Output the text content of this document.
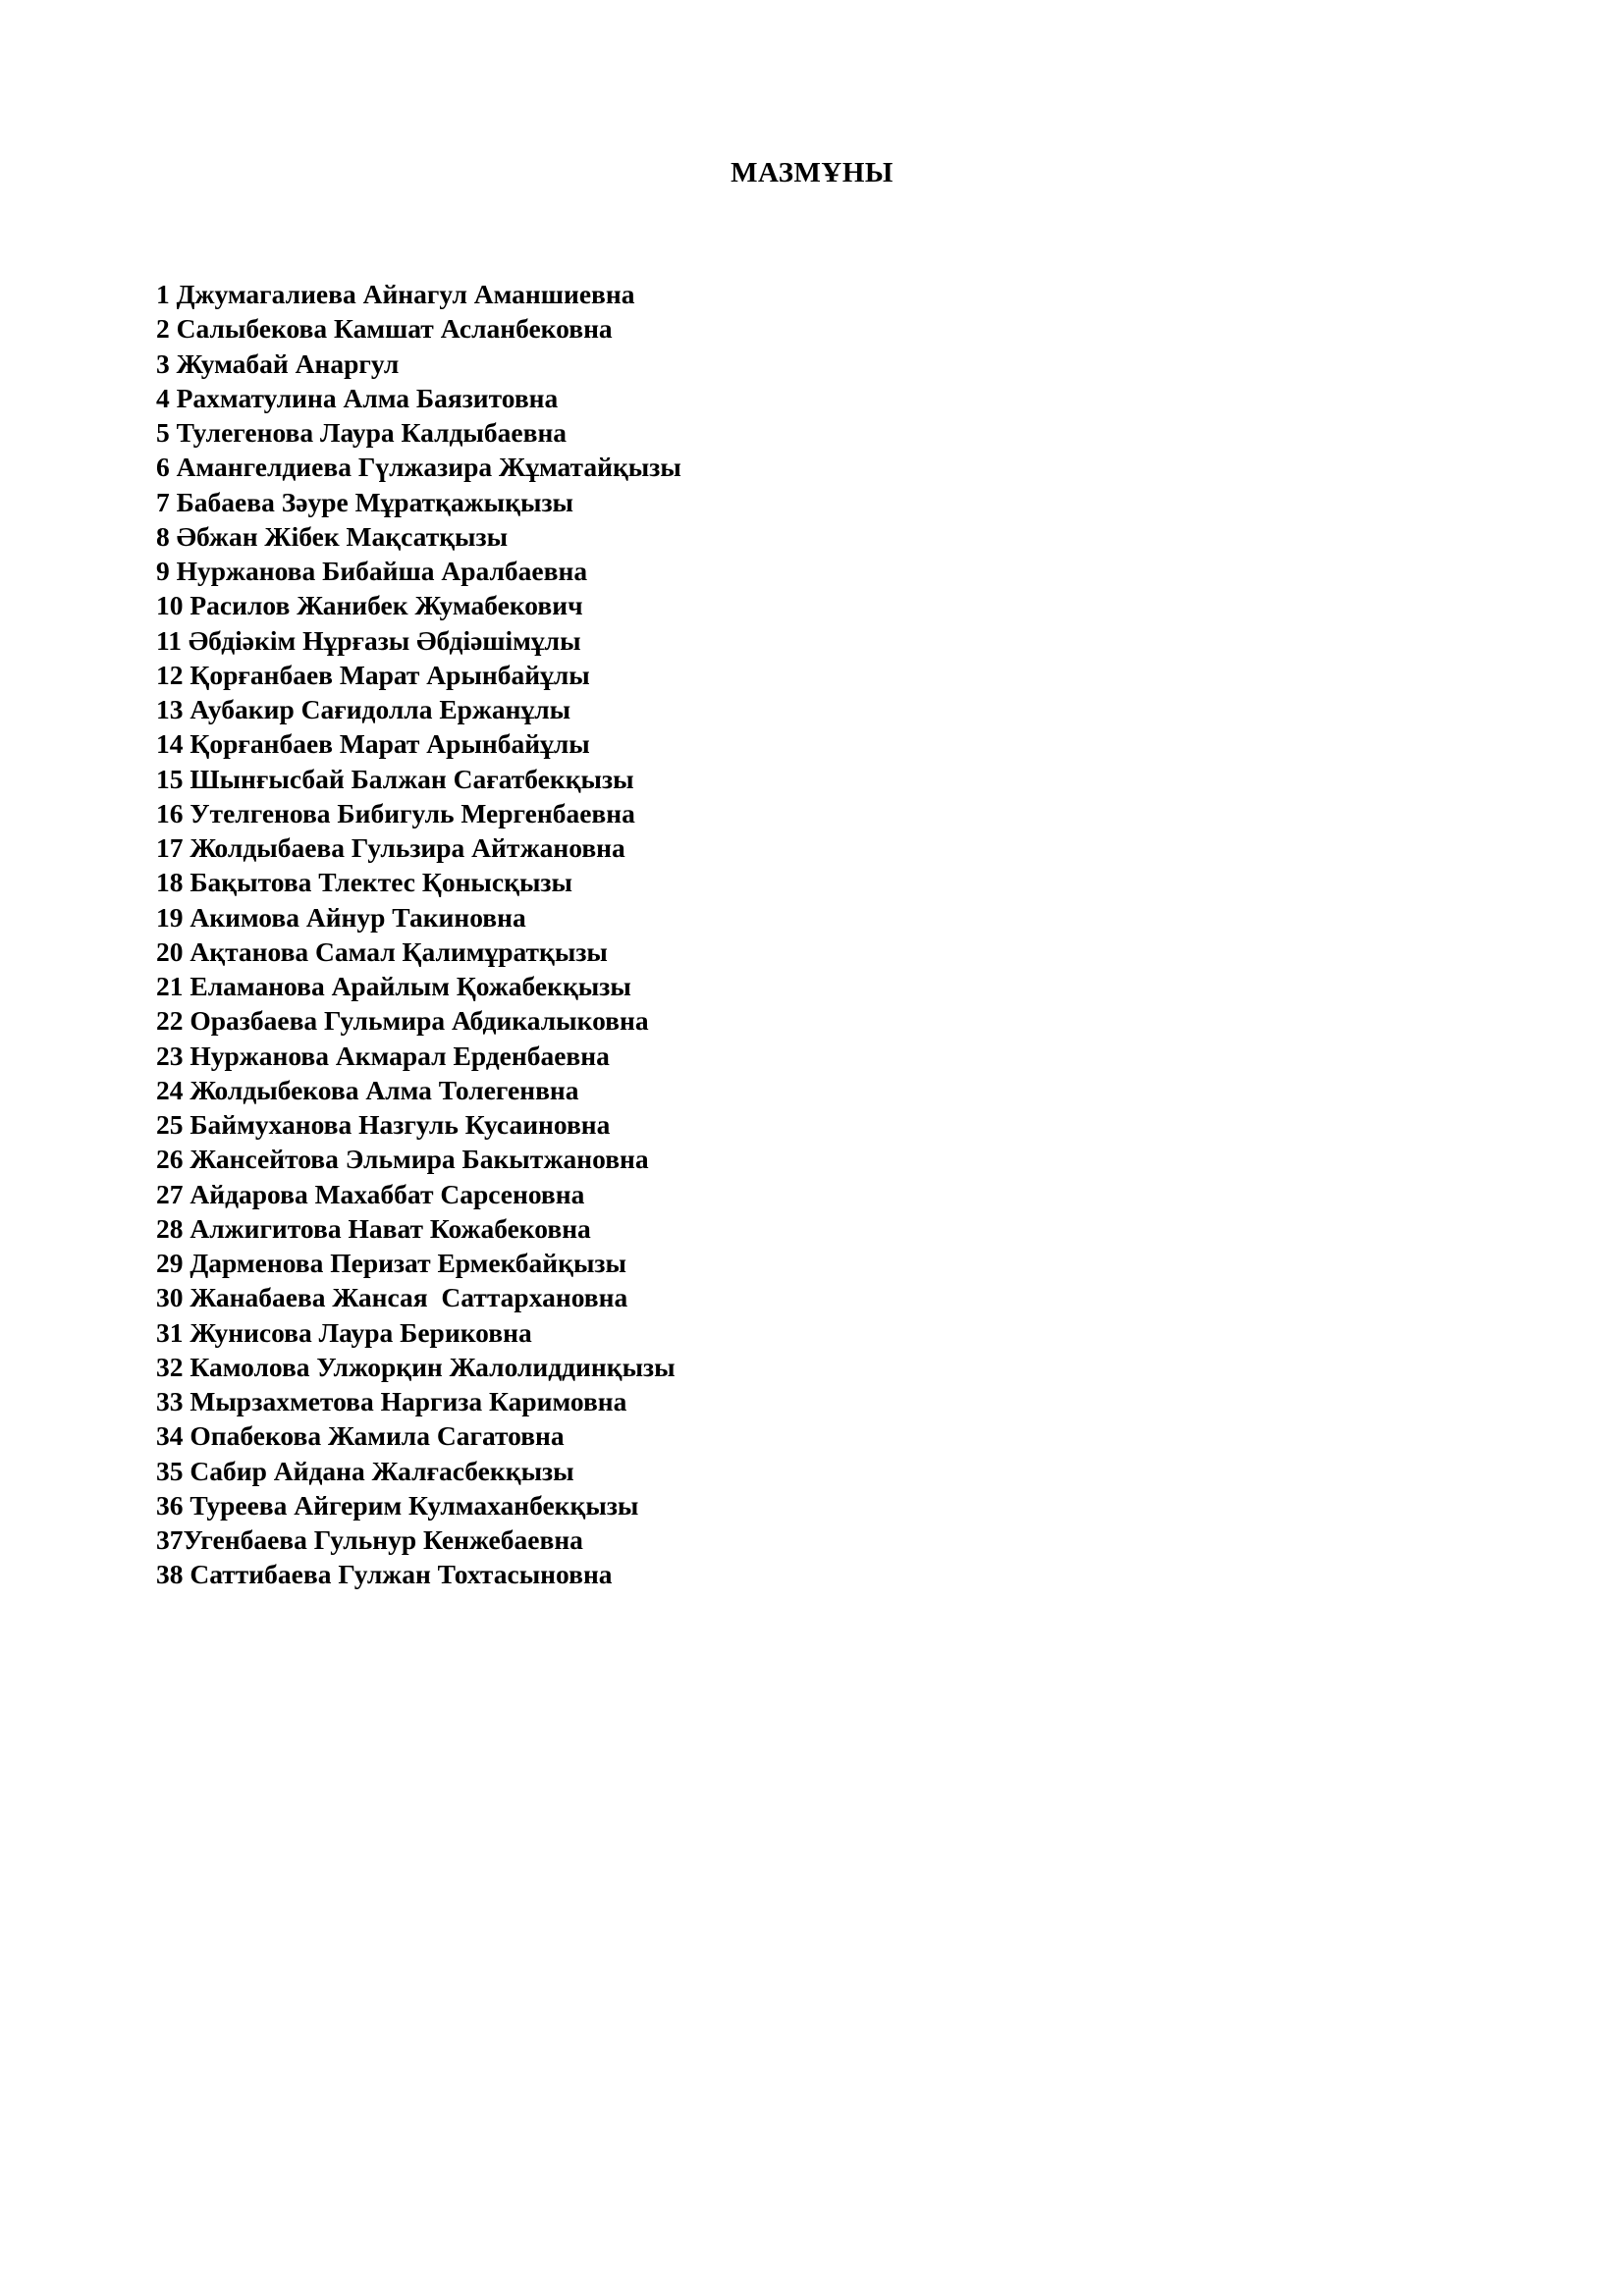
МАЗМҰНЫ
1 Джумагалиева Айнагул Аманшиевна
2 Салыбекова Камшат Асланбековна
3 Жумабай Анаргул
4 Рахматулина Алма Баязитовна
5 Тулегенова Лаура Калдыбаевна
6 Амангелдиева Гүлжазира Жұматайқызы
7 Бабаева Зәуре Мұратқажықызы
8 Әбжан Жібек Мақсатқызы
9 Нуржанова Бибайша Аралбаевна
10 Расилов Жанибек Жумабекович
11 Әбдіәкім Нұрғазы Әбдіәшімұлы
12 Қорғанбаев Марат Арынбайұлы
13 Аубакир Сағидолла Ержанұлы
14 Қорғанбаев Марат Арынбайұлы
15 Шынғысбай Балжан Сағатбекқызы
16 Утелгенова Бибигуль Мергенбаевна
17 Жолдыбаева Гульзира Айтжановна
18 Бақытова Тлектес Қонысқызы
19 Акимова Айнур Такиновна
20 Ақтанова Самал Қалимұратқызы
21 Еламанова Арайлым Қожабекқызы
22 Оразбаева Гульмира Абдикалыковна
23 Нуржанова Акмарал Ерденбаевна
24 Жолдыбекова Алма Толегенвна
25 Баймуханова Назгуль Кусаиновна
26 Жансейтова Эльмира Бакытжановна
27 Айдарова Махаббат Сарсеновна
28 Алжигитова Нават Кожабековна
29 Дарменова Перизат Ермекбайқызы
30 Жанабаева Жансая  Саттархановна
31 Жунисова Лаура Бериковна
32 Камолова Улжорқин Жалолиддинқызы
33 Мырзахметова Наргиза Каримовна
34 Опабекова Жамила Сагатовна
35 Сабир Айдана Жалғасбекқызы
36 Туреева Айгерим Кулмаханбекқызы
37Угенбаева Гульнур Кенжебаевна
38 Саттибаева Гулжан Тохтасыновна
